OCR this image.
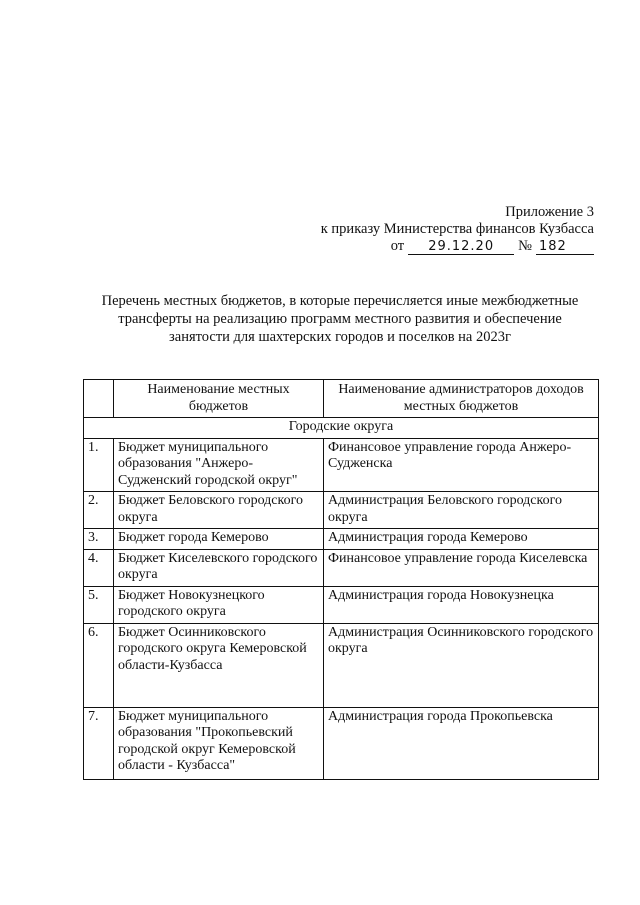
Приложение 3
к приказу Министерства финансов Кузбасса
от	29.12.20	№ 182
Перечень местных бюджетов, в которые перечисляется иные межбюджетные
трансферты на реализацию программ местного развития и обеспечение
занятости для шахтерских городов и поселков на 2023г
	Наименование местных бюджетов	Наименование администраторов доходов местных бюджетов
Городские округа		
1.	Бюджет муниципального образования "Анжеро-Судженский городской округ"	Финансовое управление города Анжеро-Судженска
2.	Бюджет Беловского городского округа	Администрация Беловского городского округа
3.	Бюджет города Кемерово	Администрация города Кемерово
4.	Бюджет Киселевского городского округа	Финансовое управление города Киселевска
5.	Бюджет Новокузнецкого городского округа	Администрация города Новокузнецка
6.	Бюджет Осинниковского городского округа Кемеровской области-Кузбасса	Администрация Осинниковского городского округа
7.	Бюджет муниципального образования "Прокопьевский городской округ Кемеровской области - Кузбасса"	Администрация города Прокопьевска
